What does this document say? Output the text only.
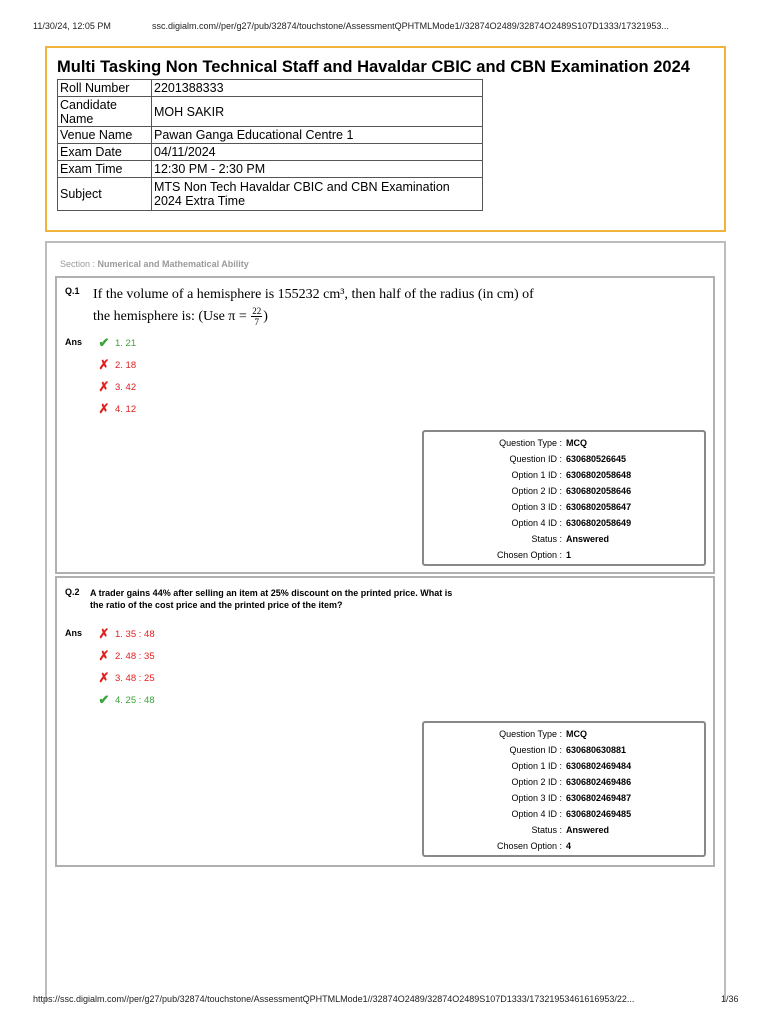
11/30/24, 12:05 PM	ssc.digialm.com//per/g27/pub/32874/touchstone/AssessmentQPHTMLMode1//32874O2489/32874O2489S107D1333/17321953...
Multi Tasking Non Technical Staff and Havaldar CBIC and CBN Examination 2024
Roll Number	2201388333
Candidate Name	MOH SAKIR
Venue Name	Pawan Ganga Educational Centre 1
Exam Date	04/11/2024
Exam Time	12:30 PM - 2:30 PM
Subject	MTS Non Tech Havaldar CBIC and CBN Examination 2024 Extra Time
Section : Numerical and Mathematical Ability
Q.1 If the volume of a hemisphere is 155232 cm³, then half of the radius (in cm) of
the hemisphere is: (Use $\pi = \frac{22}{7}$ )
Ans ✔ 1. 21
✗ 2. 18
✗ 3. 42
✗ 4. 12
Question Type : MCQ
Question ID : 630680526645
Option 1 ID : 6306802058648
Option 2 ID : 6306802058646
Option 3 ID : 6306802058647
Option 4 ID : 6306802058649
Status : Answered
Chosen Option : 1
Q.2 A trader gains 44% after selling an item at 25% discount on the printed price. What is
the ratio of the cost price and the printed price of the item?
Ans ✗ 1. 35 : 48
✗ 2. 48 : 35
✗ 3. 48 : 25
✔ 4. 25 : 48
Question Type : MCQ
Question ID : 630680630881
Option 1 ID : 6306802469484
Option 2 ID : 6306802469486
Option 3 ID : 6306802469487
Option 4 ID : 6306802469485
Status : Answered
Chosen Option : 4
https://ssc.digialm.com//per/g27/pub/32874/touchstone/AssessmentQPHTMLMode1//32874O2489/32874O2489S107D1333/17321953461616953/22...	1/36
